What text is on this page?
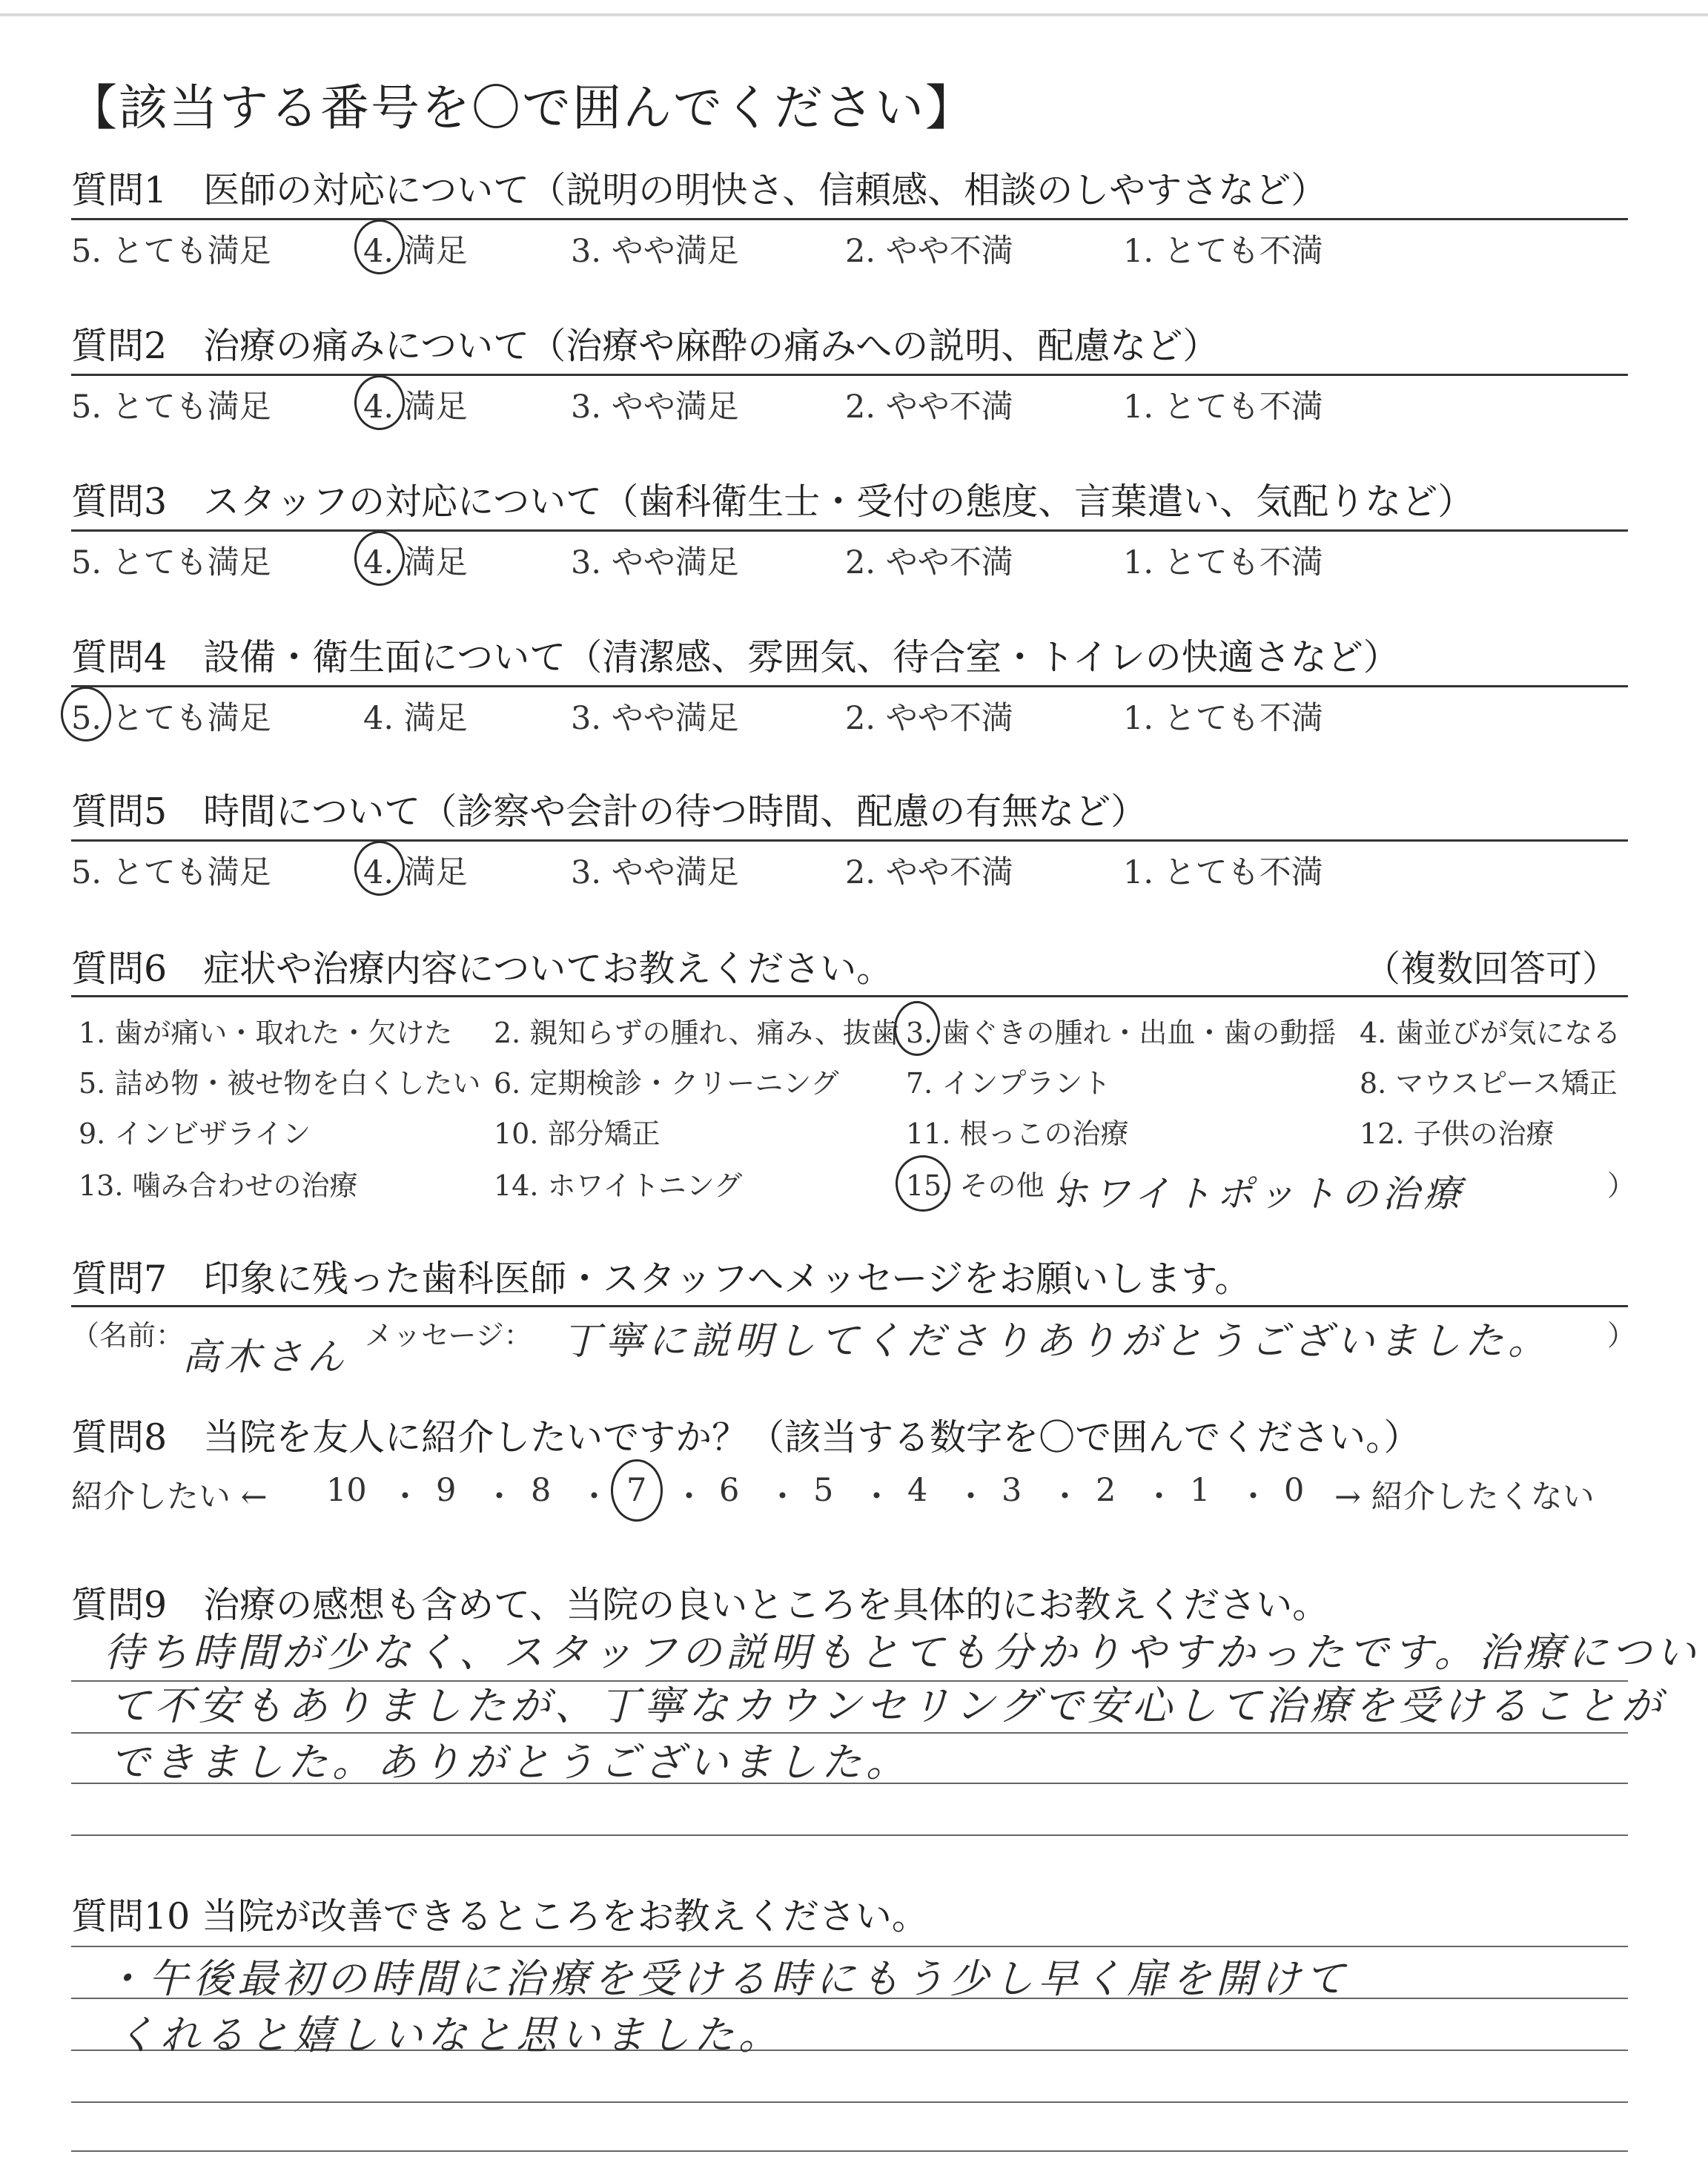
【該当する番号を〇で囲んでください】
質問1　医師の対応について（説明の明快さ、信頼感、相談のしやすさなど）
5. とても満足	4. 満足	3. やや満足	2. やや不満	1. とても不満
質問2　治療の痛みについて（治療や麻酔の痛みへの説明、配慮など）
5. とても満足	4. 満足	3. やや満足	2. やや不満	1. とても不満
質問3　スタッフの対応について（歯科衛生士・受付の態度、言葉遣い、気配りなど）
5. とても満足	4. 満足	3. やや満足	2. やや不満	1. とても不満
質問4　設備・衛生面について（清潔感、雰囲気、待合室・トイレの快適さなど）
5. とても満足	4. 満足	3. やや満足	2. やや不満	1. とても不満
質問5　時間について（診察や会計の待つ時間、配慮の有無など）
5. とても満足	4. 満足	3. やや満足	2. やや不満	1. とても不満
質問6　症状や治療内容についてお教えください。	（複数回答可）
1. 歯が痛い・取れた・欠けた 2. 親知らずの腫れ、痛み、抜歯 3. 歯ぐきの腫れ・出血・歯の動揺 4. 歯並びが気になる
5. 詰め物・被せ物を白くしたい 6. 定期検診・クリーニング 7. インプラント	8. マウスピース矯正
9. インビザライン	10. 部分矯正	11. 根っこの治療	12. 子供の治療
13. 噛み合わせの治療	14. ホワイトニング	15. その他（
ホワイトポットの治療	）
質問7　印象に残った歯科医師・スタッフへメッセージをお願いします。
（名前：
高木さん メッセージ： 丁寧に説明してくださりありがとうございました。 ）
質問8　当院を友人に紹介したいですか？（該当する数字を〇で囲んでください。）
紹介したい ← 10 ・ 9 ・ 8 ・ 7 ・ 6 ・ 5 ・ 4 ・ 3 ・ 2 ・ 1 ・ 0 → 紹介したくない
質問9　治療の感想も含めて、当院の良いところを具体的にお教えください。
待ち時間が少なく、スタッフの説明もとても分かりやすかったです。治療につい
て不安もありましたが、丁寧なカウンセリングで安心して治療を受けることが
できました。ありがとうございました。
質問10 当院が改善できるところをお教えください。
・午後最初の時間に治療を受ける時にもう少し早く扉を開けて
くれると嬉しいなと思いました。
